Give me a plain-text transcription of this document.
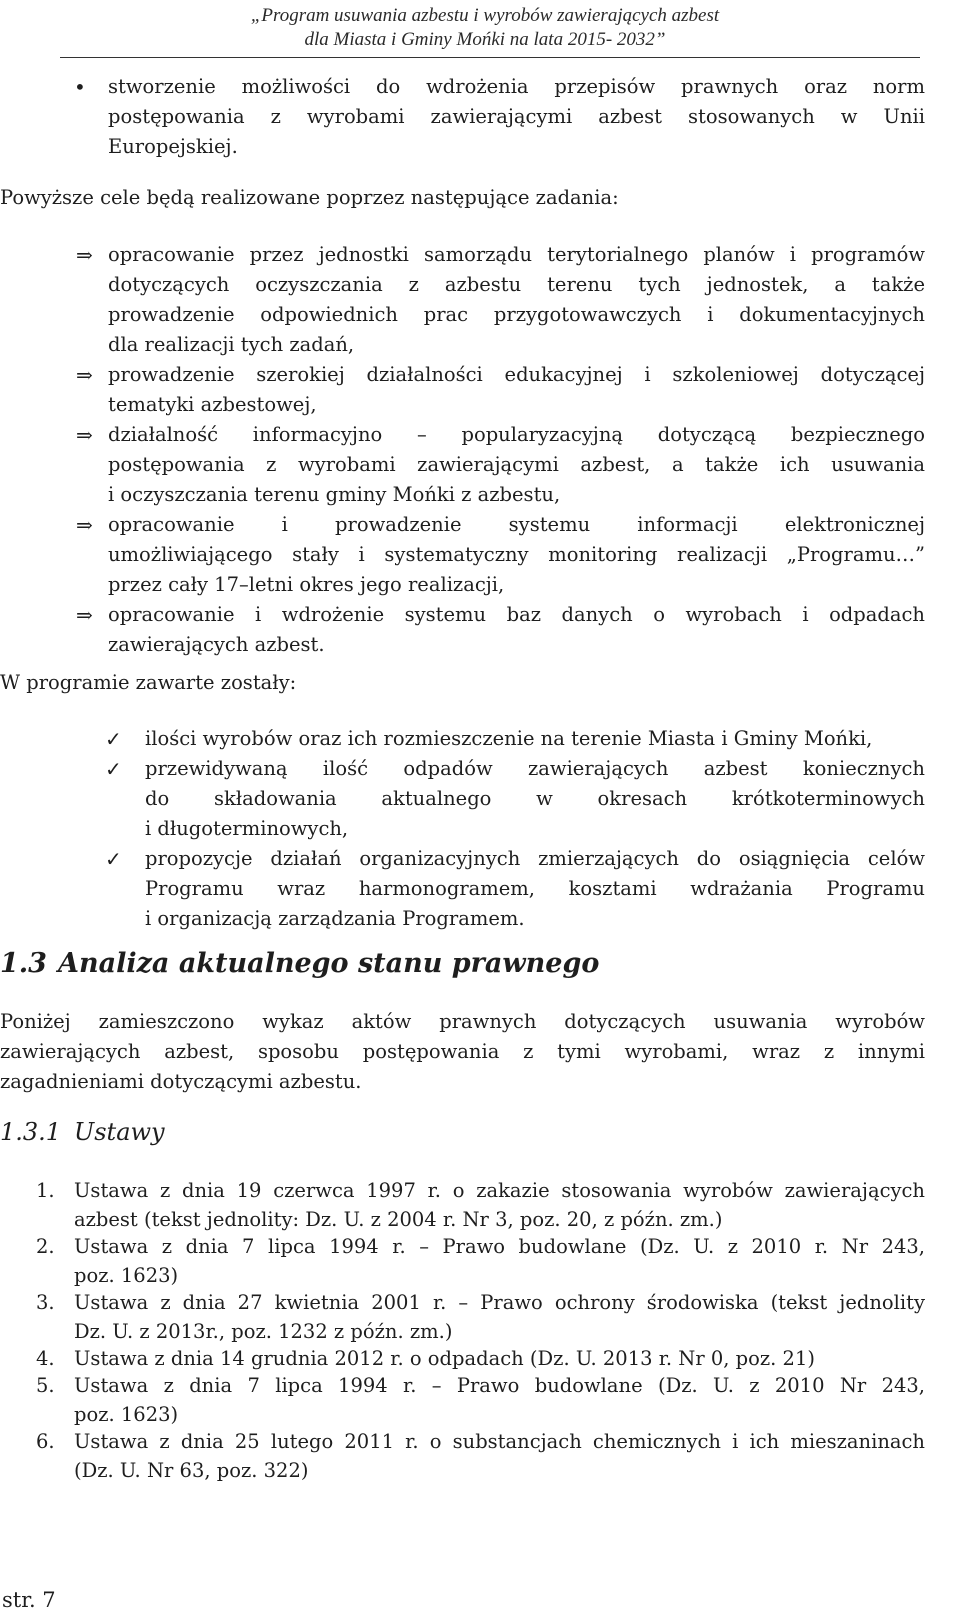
„Program usuwania azbestu i wyrobów zawierających azbest
dla Miasta i Gminy Mońki na lata 2015- 2032”
• stworzenie możliwości do wdrożenia przepisów prawnych oraz norm
postępowania z wyrobami zawierającymi azbest stosowanych w Unii
Europejskiej.

Powyższe cele będą realizowane poprzez następujące zadania:

⇒ opracowanie przez jednostki samorządu terytorialnego planów i programów
dotyczących oczyszczania z azbestu terenu tych jednostek, a także
prowadzenie odpowiednich prac przygotowawczych i dokumentacyjnych
dla realizacji tych zadań,
⇒ prowadzenie szerokiej działalności edukacyjnej i szkoleniowej dotyczącej
tematyki azbestowej,
⇒ działalność informacyjno – popularyzacyjną dotyczącą bezpiecznego
postępowania z wyrobami zawierającymi azbest, a także ich usuwania
i oczyszczania terenu gminy Mońki z azbestu,
⇒ opracowanie i prowadzenie systemu informacji elektronicznej
umożliwiającego stały i systematyczny monitoring realizacji „Programu…”
przez cały 17–letni okres jego realizacji,
⇒ opracowanie i wdrożenie systemu baz danych o wyrobach i odpadach
zawierających azbest.

W programie zawarte zostały:

✓ ilości wyrobów oraz ich rozmieszczenie na terenie Miasta i Gminy Mońki,
✓ przewidywaną ilość odpadów zawierających azbest koniecznych
do składowania aktualnego w okresach krótkoterminowych
i długoterminowych,
✓ propozycje działań organizacyjnych zmierzających do osiągnięcia celów
Programu wraz harmonogramem, kosztami wdrażania Programu
i organizacją zarządzania Programem.
1.3 Analiza aktualnego stanu prawnego
Poniżej zamieszczono wykaz aktów prawnych dotyczących usuwania wyrobów
zawierających azbest, sposobu postępowania z tymi wyrobami, wraz z innymi
zagadnieniami dotyczącymi azbestu.
1.3.1 Ustawy
1. Ustawa z dnia 19 czerwca 1997 r. o zakazie stosowania wyrobów zawierających
azbest (tekst jednolity: Dz. U. z 2004 r. Nr 3, poz. 20, z późn. zm.)
2. Ustawa z dnia 7 lipca 1994 r. – Prawo budowlane (Dz. U. z 2010 r. Nr 243,
poz. 1623)
3. Ustawa z dnia 27 kwietnia 2001 r. – Prawo ochrony środowiska (tekst jednolity
Dz. U. z 2013r., poz. 1232 z późn. zm.)
4. Ustawa z dnia 14 grudnia 2012 r. o odpadach (Dz. U. 2013 r. Nr 0, poz. 21)
5. Ustawa z dnia 7 lipca 1994 r. – Prawo budowlane (Dz. U. z 2010 Nr 243,
poz. 1623)
6. Ustawa z dnia 25 lutego 2011 r. o substancjach chemicznych i ich mieszaninach
(Dz. U. Nr 63, poz. 322)
str. 7
